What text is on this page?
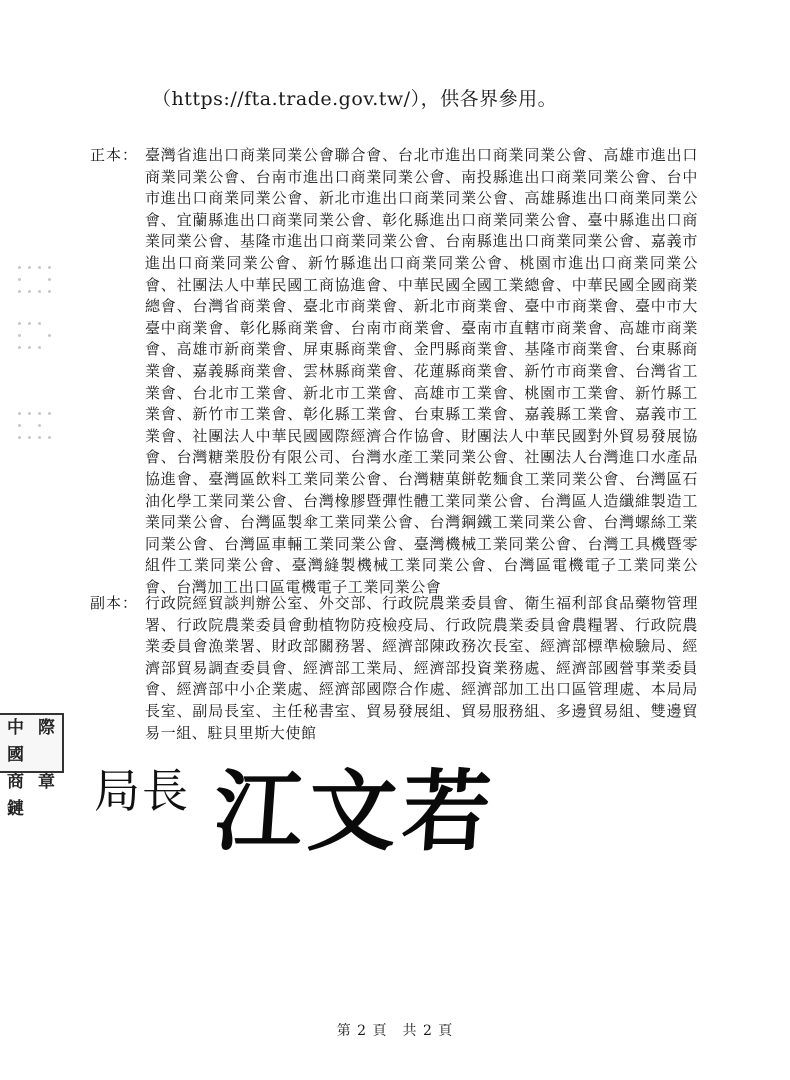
（https://fta.trade.gov.tw/），供各界參用。
正本： 臺灣省進出口商業同業公會聯合會、台北市進出口商業同業公會、高雄市進出口商業同業公會、台南市進出口商業同業公會、南投縣進出口商業同業公會、台中市進出口商業同業公會、新北市進出口商業同業公會、高雄縣進出口商業同業公會、宜蘭縣進出口商業同業公會、彰化縣進出口商業同業公會、臺中縣進出口商業同業公會、基隆市進出口商業同業公會、台南縣進出口商業同業公會、嘉義市進出口商業同業公會、新竹縣進出口商業同業公會、桃園市進出口商業同業公會、社團法人中華民國工商協進會、中華民國全國工業總會、中華民國全國商業總會、台灣省商業會、臺北市商業會、新北市商業會、臺中市商業會、臺中市大臺中商業會、彰化縣商業會、台南市商業會、臺南市直轄市商業會、高雄市商業會、高雄市新商業會、屏東縣商業會、金門縣商業會、基隆市商業會、台東縣商業會、嘉義縣商業會、雲林縣商業會、花蓮縣商業會、新竹市商業會、台灣省工業會、台北市工業會、新北市工業會、高雄市工業會、桃園市工業會、新竹縣工業會、新竹市工業會、彰化縣工業會、台東縣工業會、嘉義縣工業會、嘉義市工業會、社團法人中華民國國際經濟合作協會、財團法人中華民國對外貿易發展協會、台灣糖業股份有限公司、台灣水產工業同業公會、社團法人台灣進口水產品協進會、臺灣區飲料工業同業公會、台灣糖菓餅乾麵食工業同業公會、台灣區石油化學工業同業公會、台灣橡膠暨彈性體工業同業公會、台灣區人造纖維製造工業同業公會、台灣區製傘工業同業公會、台灣鋼鐵工業同業公會、台灣螺絲工業同業公會、台灣區車輛工業同業公會、臺灣機械工業同業公會、台灣工具機暨零組件工業同業公會、臺灣縫製機械工業同業公會、台灣區電機電子工業同業公會、台灣加工出口區電機電子工業同業公會
副本： 行政院經貿談判辦公室、外交部、行政院農業委員會、衛生福利部食品藥物管理署、行政院農業委員會動植物防疫檢疫局、行政院農業委員會農糧署、行政院農業委員會漁業署、財政部關務署、經濟部陳政務次長室、經濟部標準檢驗局、經濟部貿易調查委員會、經濟部工業局、經濟部投資業務處、經濟部國營事業委員會、經濟部中小企業處、經濟部國際合作處、經濟部加工出口區管理處、本局局長室、副局長室、主任秘書室、貿易發展組、貿易服務組、多邊貿易組、雙邊貿易一組、駐貝里斯大使館
中國
際
商鏈
章 局長 江文若
第 2 頁　共 2 頁
